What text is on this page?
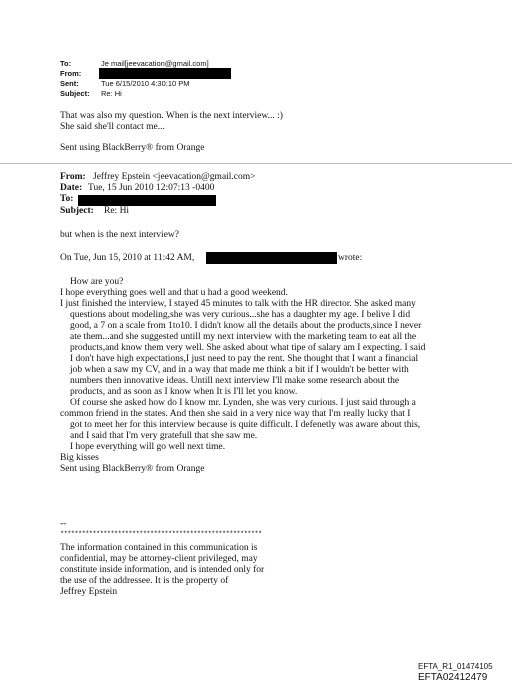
To:	Je mail[jeevacation@gmail.com]
From:
Sent:	Tue 6/15/2010 4:30:10 PM
Subject: Re: Hi
That was also my question. When is the next interview... :)
She said she'll contact me...
Sent using BlackBerry® from Orange
From: Jeffrey Epstein <jeevacation@gmail.com>
Date: Tue, 15 Jun 2010 12:07:13 -0400
To:
Subject: Re: Hi
but when is the next interview?
On Tue, Jun 15, 2010 at 11:42 AM,	wrote:
How are you?
I hope everything goes well and that u had a good weekend.
I just finished the interview, I stayed 45 minutes to talk with the HR director. She asked many
questions about modeling,she was very curious...she has a daughter my age. I belive I did
good, a 7 on a scale from 1to10. I didn't know all the details about the products,since I never
ate them...and she suggested untill my next interview with the marketing team to eat all the
products,and know them very well. She asked about what tipe of salary am I expecting. I said
I don't have high expectations,I just need to pay the rent. She thought that I want a financial
job when a saw my CV, and in a way that made me think a bit if I wouldn't be better with
numbers then innovative ideas. Untill next interview I'll make some research about the
products, and as soon as I know when It is I'll let you know.
Of course she asked how do I know mr. Lynden, she was very curious. I just said through a
common friend in the states. And then she said in a very nice way that I'm really lucky that I
got to meet her for this interview because is quite difficult. I defenetly was aware about this,
and I said that I'm very gratefull that she saw me.
I hope everything will go well next time.
Big kisses
Sent using BlackBerry® from Orange
--
********************************************************
The information contained in this communication is
confidential, may be attorney-client privileged, may
constitute inside information, and is intended only for
the use of the addressee. It is the property of
Jeffrey Epstein
EFTA_R1_01474105
EFTA02412479
